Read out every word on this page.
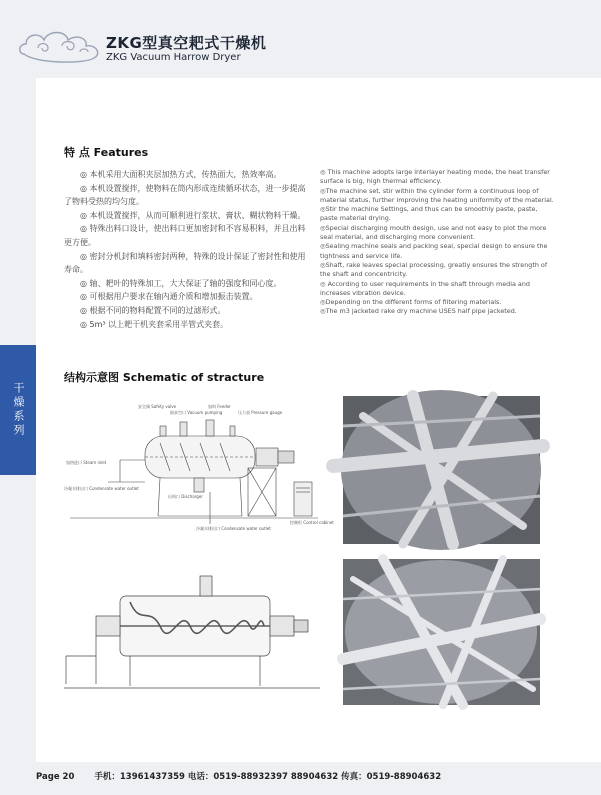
ZKG型真空耙式干燥机
ZKG Vacuum Harrow Dryer
干燥系列
特 点 Features

◎ 本机采用大面积夹层加热方式，传热面大，热效率高。

◎ 本机设置搅拌，使物料在筒内形成连续循环状态，进一步提高了物料受热的均匀度。

◎ 本机设置搅拌，从而可顺利进行浆状、膏状、糊状物料干燥。

◎ 特殊出料口设计，使出料口更加密封和不容易积料，并且出料更方便。

◎ 密封分机封和填料密封两种，特殊的设计保证了密封性和使用寿命。

◎ 轴、耙叶的特殊加工，大大保证了轴的强度和同心度。

◎ 可根据用户要求在轴内通介质和增加振击装置。

◎ 根据不同的物料配置不同的过滤形式。

◎ 5m³ 以上耙干机夹套采用半管式夹套。

◎ This machine adopts large interlayer heating mode, the heat transfer surface is big, high thermal efficiency.

◎The machine set, stir within the cylinder form a continuous loop of material status, further improving the heating uniformity of the material.

◎Stir the machine Settings, and thus can be smoothly paste, paste, paste material drying.

◎Special discharging mouth design, use and not easy to plot the more seal material, and discharging more convenient.

◎Sealing machine seals and packing seal, special design to ensure the tightness and service life.

◎Shaft, rake leaves special processing, greatly ensures the strength of the shaft and concentricity.

◎ According to user requirements in the shaft through media and increases vibration device.

◎Depending on the different forms of filtering materials.

◎The m3 jacketed rake dry machine USES half pipe jacketed.

结构示意图 Schematic of stracture
安全阀 Safety valve
抽真空口 Vacuum pumping
加料 Feeder
压力表 Pressure gauge
加热进口 Steam inlet
冷凝水排出口 Condensate water outlet
出料口 Discharger
冷凝水排出口 Condensate water outlet
控制柜 Control cabinet
Page 20 手机：13961437359 电话：0519-88932397 88904632 传真：0519-88904632
